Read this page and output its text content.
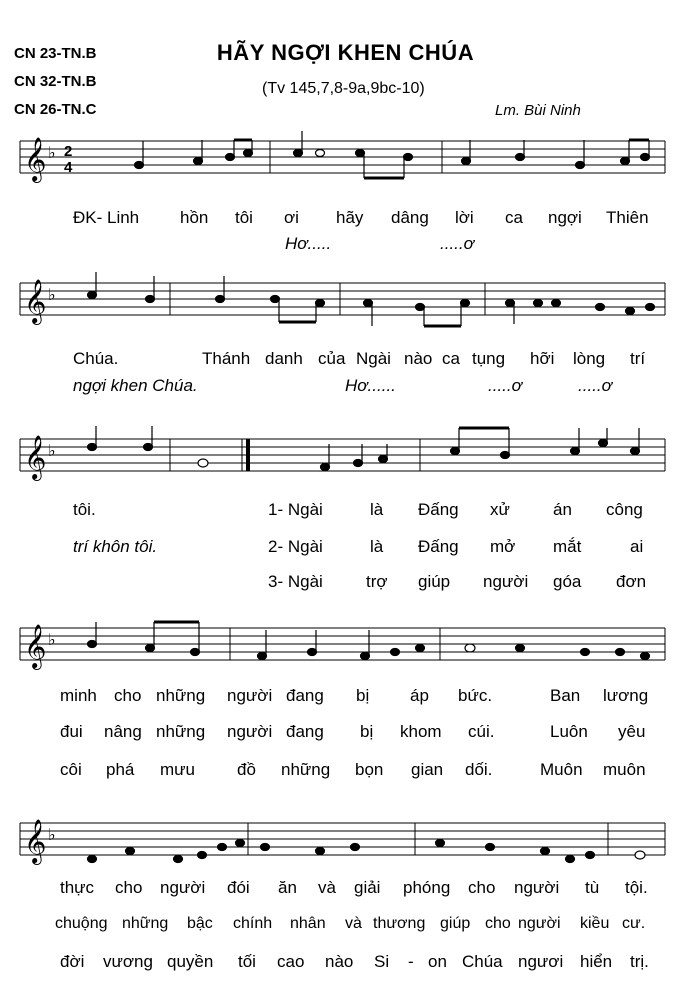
CN 23-TN.B
CN 32-TN.B
CN 26-TN.C
HÃY NGỢI KHEN CHÚA
(Tv 145,7,8-9a,9bc-10)
Lm. Bùi Ninh
𝄞
𝄞
𝄞
𝄞
𝄞
♭
♭
♭
♭
♭
2
4
ĐK- Linh hồn tôi ơi hãy dâng lời ca ngợi Thiên
Hơ.....	.....ơ
Chúa.	Thánh danh của Ngài nào ca tụng hỡi lòng trí
ngợi khen Chúa.	Hơ......	.....ơ	.....ơ
tôi.	1- Ngài	là Đấng xử	án công
trí khôn tôi.	2- Ngài	là Đấng mở mắt	ai
3- Ngài	trợ giúp người góa đơn
minh cho những người đang bị áp bức.	Ban lương
đui nâng những người đang bị khom cúi.	Luôn yêu
côi phá mưu đồ những bọn gian dối.	Muôn muôn
thực cho người đói ăn và giải phóng cho người tù tội.
chuộng những bậc chính nhân và thương giúp cho người kiều cư.
đời vương quyền tối cao nào Si - on Chúa ngươi hiển trị.
